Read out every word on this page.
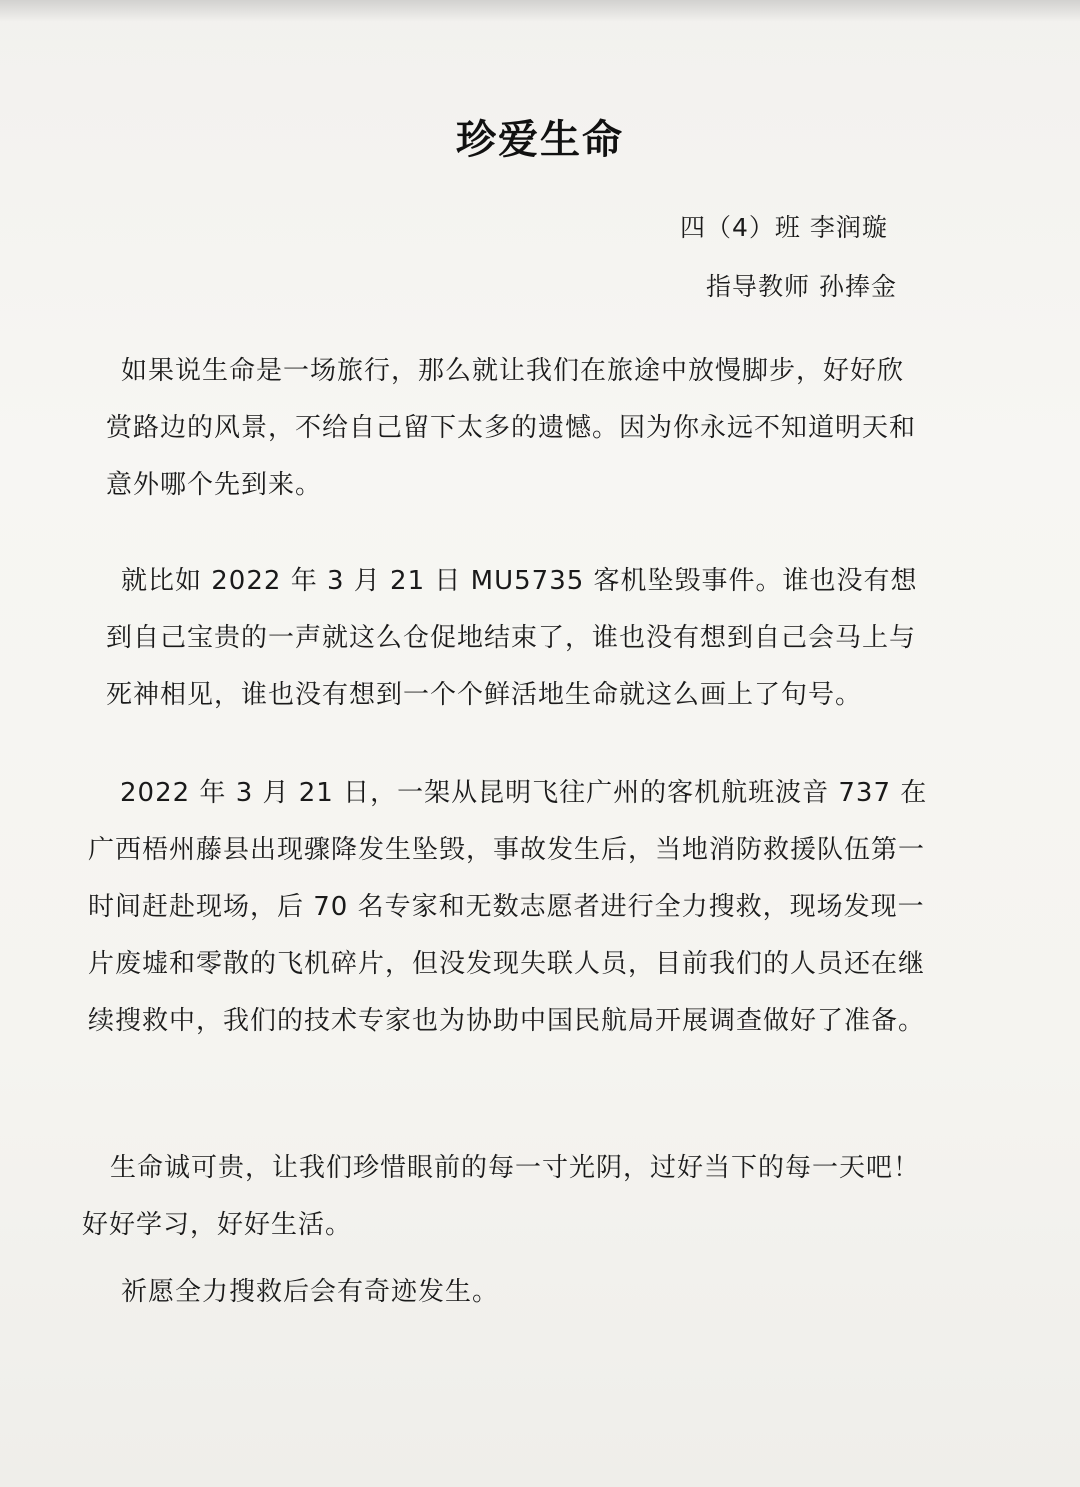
珍爱生命
四（4）班 李润璇
指导教师 孙捧金

如果说生命是一场旅行，那么就让我们在旅途中放慢脚步，好好欣赏路边的风景，不给自己留下太多的遗憾。因为你永远不知道明天和意外哪个先到来。

就比如 2022 年 3 月 21 日 MU5735 客机坠毁事件。谁也没有想到自己宝贵的一声就这么仓促地结束了，谁也没有想到自己会马上与死神相见，谁也没有想到一个个鲜活地生命就这么画上了句号。

2022 年 3 月 21 日，一架从昆明飞往广州的客机航班波音 737 在广西梧州藤县出现骤降发生坠毁，事故发生后，当地消防救援队伍第一时间赶赴现场，后 70 名专家和无数志愿者进行全力搜救，现场发现一片废墟和零散的飞机碎片，但没发现失联人员，目前我们的人员还在继续搜救中，我们的技术专家也为协助中国民航局开展调查做好了准备。

生命诚可贵，让我们珍惜眼前的每一寸光阴，过好当下的每一天吧！好好学习，好好生活。

祈愿全力搜救后会有奇迹发生。
